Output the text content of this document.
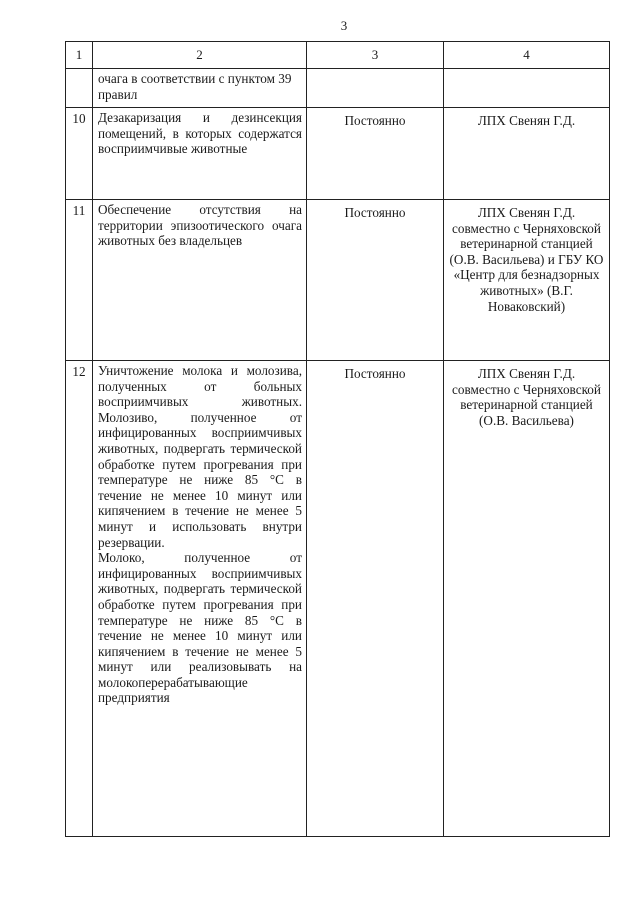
3
1	2	3	4

	очага в соответствии с пунктом 39 правил		

10	Дезакаризация и дезинсекция помещений, в которых содержатся восприимчивые животные	Постоянно	ЛПХ Свенян Г.Д.
11	Обеспечение отсутствия на территории эпизоотического очага животных без владельцев	Постоянно	ЛПХ Свенян Г.Д. совместно с Черняховской ветеринарной станцией (О.В. Васильева) и ГБУ КО «Центр для безнадзорных животных» (В.Г. Новаковский)
12	Уничтожение молока и молозива, полученных от больных восприимчивых животных. Молозиво, полученное от инфицированных восприимчивых животных, подвергать термической обработке путем прогревания при температуре не ниже 85 °С в течение не менее 10 минут или кипячением в течение не менее 5 минут и использовать внутри резервации.

Молоко, полученное от инфицированных восприимчивых животных, подвергать термической обработке путем прогревания при температуре не ниже 85 °С в течение не менее 10 минут или кипячением в течение не менее 5 минут или реализовывать на молокоперерабатывающие предприятия	Постоянно	ЛПХ Свенян Г.Д. совместно с Черняховской ветеринарной станцией (О.В. Васильева)
